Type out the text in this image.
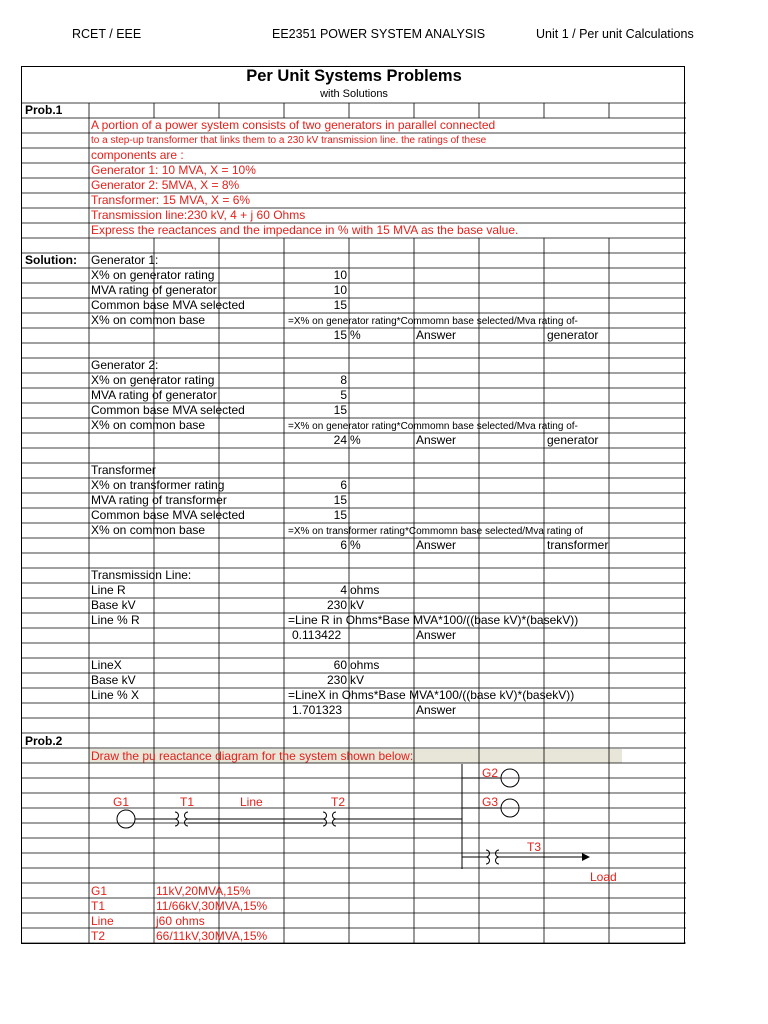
RCET / EEE	EE2351 POWER SYSTEM ANALYSIS	Unit 1 / Per unit Calculations
Per Unit Systems Problems
with Solutions
Prob.1
A portion of a power system consists of two generators in parallel connected
to a step-up transformer that links them to a 230 kV transmission line. the ratings of these
components are :
Generator 1: 10 MVA, X = 10%
Generator 2: 5MVA, X = 8%
Transformer: 15 MVA, X = 6%
Transmission line:230 kV, 4 + j 60 Ohms
Express the reactances and the impedance in % with 15 MVA as the base value.
Solution: Generator 1:
X% on generator rating	10
MVA rating of generator	10
Common base MVA selected	15
X% on common base	=X% on generator rating*Commomn base selected/Mva rating of-
15 %	Answer	generator
Generator 2:
X% on generator rating	8
MVA rating of generator	5
Common base MVA selected	15
X% on common base	=X% on generator rating*Commomn base selected/Mva rating of-
24 %	Answer	generator
Transformer
X% on transformer rating	6
MVA rating of transformer	15
Common base MVA selected	15
X% on common base	=X% on transformer rating*Commomn base selected/Mva rating of
6 %	Answer	transformer
Transmission Line:
Line R	4 ohms
Base kV	230 kV
Line % R	=Line R in Ohms*Base MVA*100/((base kV)*(basekV))
0.113422	Answer
LineX	60 ohms
Base kV	230 kV
Line % X	=LineX in Ohms*Base MVA*100/((base kV)*(basekV))
1.701323	Answer
Prob.2
Draw the pu reactance diagram for the system shown below:
G1	T1	Line	T2
G2
G3
T3
Load
G1	11kV,20MVA,15%
T1	11/66kV,30MVA,15%
Line	j60 ohms
T2	66/11kV,30MVA,15%
